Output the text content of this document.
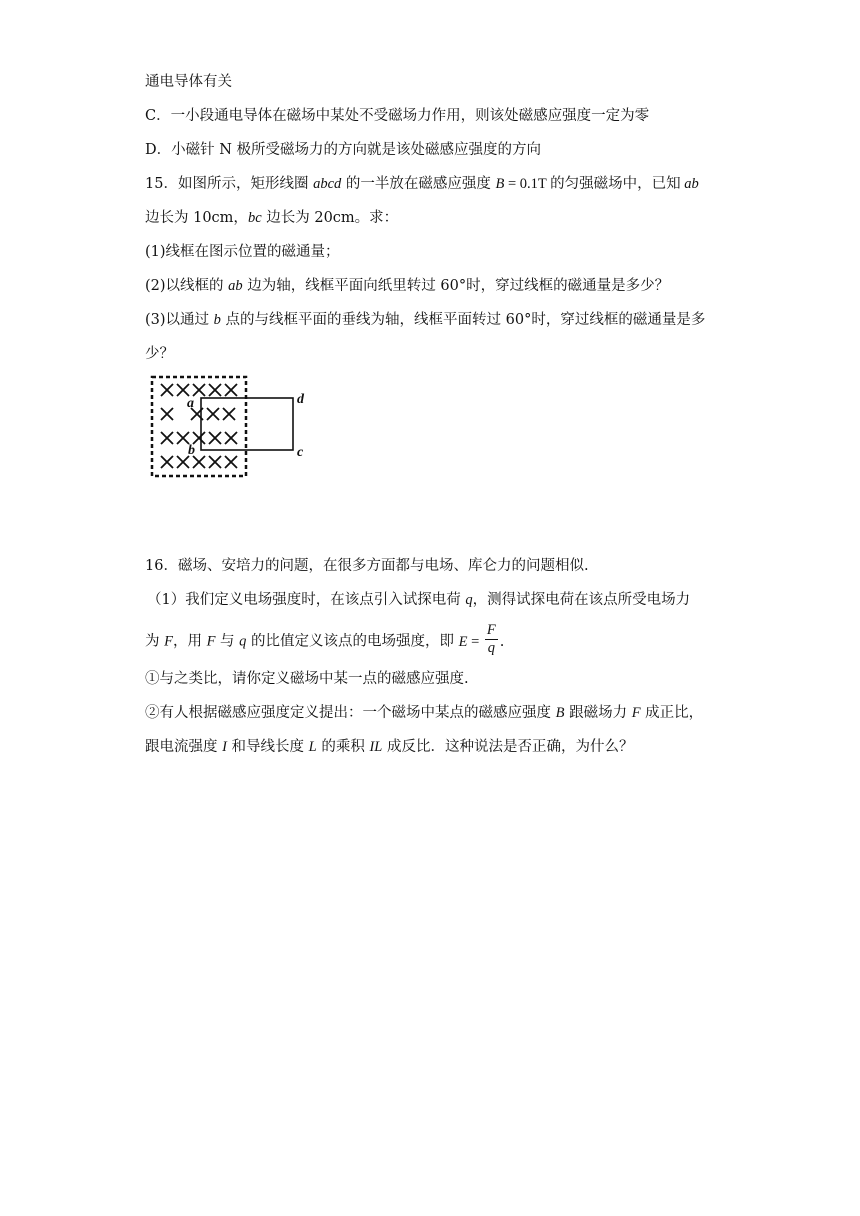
通电导体有关
C．一小段通电导体在磁场中某处不受磁场力作用，则该处磁感应强度一定为零
D．小磁针 N 极所受磁场力的方向就是该处磁感应强度的方向
15．如图所示，矩形线圈 abcd 的一半放在磁感应强度 B = 0.1T 的匀强磁场中，已知 ab
边长为 10cm，bc 边长为 20cm。求：
(1)线框在图示位置的磁通量；
(2)以线框的 ab 边为轴，线框平面向纸里转过 60°时，穿过线框的磁通量是多少？
(3)以通过 b 点的与线框平面的垂线为轴，线框平面转过 60°时，穿过线框的磁通量是多
少？
a
b
d
c
16．磁场、安培力的问题，在很多方面都与电场、库仑力的问题相似.
（1）我们定义电场强度时，在该点引入试探电荷 q，测得试探电荷在该点所受电场力
为 F，用 F 与 q 的比值定义该点的电场强度，即 $E = \frac{F}{q}$ .
①与之类比，请你定义磁场中某一点的磁感应强度.
②有人根据磁感应强度定义提出：一个磁场中某点的磁感应强度 B 跟磁场力 F 成正比，
跟电流强度 I 和导线长度 L 的乘积 IL 成反比．这种说法是否正确，为什么？
